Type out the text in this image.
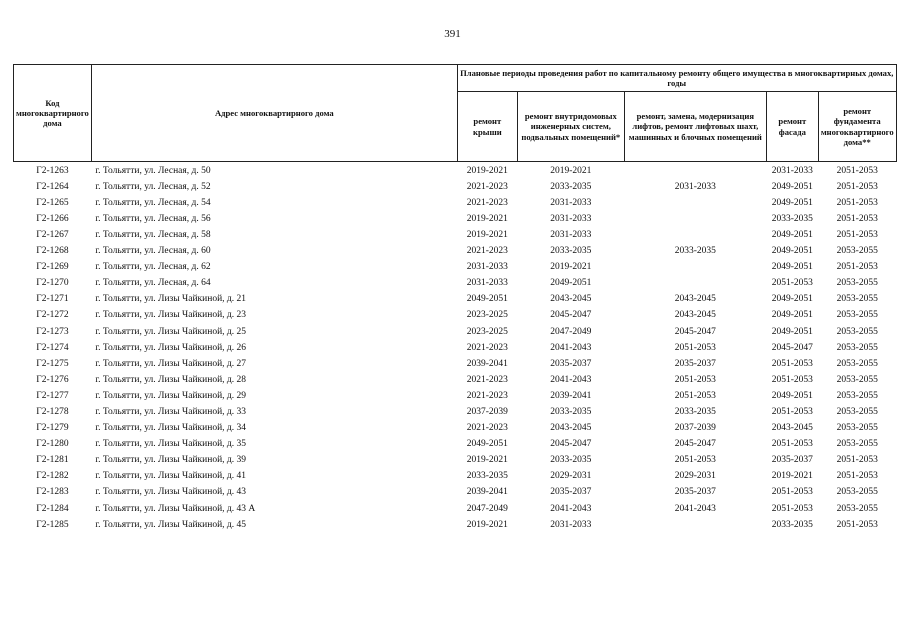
391
Код многоквартирного дома	Адрес многоквартирного дома	Плановые периоды проведения работ по капитальному ремонту общего имущества в многоквартирных домах, годы				
		ремонт крыши	ремонт внутридомовых инженерных систем, подвальных помещений*	ремонт, замена, модернизация лифтов, ремонт лифтовых шахт, машинных и блочных помещений	ремонт фасада	ремонт фундамента многоквартирного дома**
Г2-1263	г. Тольятти, ул. Лесная, д. 50	2019-2021	2019-2021		2031-2033	2051-2053
Г2-1264	г. Тольятти, ул. Лесная, д. 52	2021-2023	2033-2035	2031-2033	2049-2051	2051-2053
Г2-1265	г. Тольятти, ул. Лесная, д. 54	2021-2023	2031-2033		2049-2051	2051-2053
Г2-1266	г. Тольятти, ул. Лесная, д. 56	2019-2021	2031-2033		2033-2035	2051-2053
Г2-1267	г. Тольятти, ул. Лесная, д. 58	2019-2021	2031-2033		2049-2051	2051-2053
Г2-1268	г. Тольятти, ул. Лесная, д. 60	2021-2023	2033-2035	2033-2035	2049-2051	2053-2055
Г2-1269	г. Тольятти, ул. Лесная, д. 62	2031-2033	2019-2021		2049-2051	2051-2053
Г2-1270	г. Тольятти, ул. Лесная, д. 64	2031-2033	2049-2051		2051-2053	2053-2055
Г2-1271	г. Тольятти, ул. Лизы Чайкиной, д. 21	2049-2051	2043-2045	2043-2045	2049-2051	2053-2055
Г2-1272	г. Тольятти, ул. Лизы Чайкиной, д. 23	2023-2025	2045-2047	2043-2045	2049-2051	2053-2055
Г2-1273	г. Тольятти, ул. Лизы Чайкиной, д. 25	2023-2025	2047-2049	2045-2047	2049-2051	2053-2055
Г2-1274	г. Тольятти, ул. Лизы Чайкиной, д. 26	2021-2023	2041-2043	2051-2053	2045-2047	2053-2055
Г2-1275	г. Тольятти, ул. Лизы Чайкиной, д. 27	2039-2041	2035-2037	2035-2037	2051-2053	2053-2055
Г2-1276	г. Тольятти, ул. Лизы Чайкиной, д. 28	2021-2023	2041-2043	2051-2053	2051-2053	2053-2055
Г2-1277	г. Тольятти, ул. Лизы Чайкиной, д. 29	2021-2023	2039-2041	2051-2053	2049-2051	2053-2055
Г2-1278	г. Тольятти, ул. Лизы Чайкиной, д. 33	2037-2039	2033-2035	2033-2035	2051-2053	2053-2055
Г2-1279	г. Тольятти, ул. Лизы Чайкиной, д. 34	2021-2023	2043-2045	2037-2039	2043-2045	2053-2055
Г2-1280	г. Тольятти, ул. Лизы Чайкиной, д. 35	2049-2051	2045-2047	2045-2047	2051-2053	2053-2055
Г2-1281	г. Тольятти, ул. Лизы Чайкиной, д. 39	2019-2021	2033-2035	2051-2053	2035-2037	2051-2053
Г2-1282	г. Тольятти, ул. Лизы Чайкиной, д. 41	2033-2035	2029-2031	2029-2031	2019-2021	2051-2053
Г2-1283	г. Тольятти, ул. Лизы Чайкиной, д. 43	2039-2041	2035-2037	2035-2037	2051-2053	2053-2055
Г2-1284	г. Тольятти, ул. Лизы Чайкиной, д. 43 А	2047-2049	2041-2043	2041-2043	2051-2053	2053-2055
Г2-1285	г. Тольятти, ул. Лизы Чайкиной, д. 45	2019-2021	2031-2033		2033-2035	2051-2053
